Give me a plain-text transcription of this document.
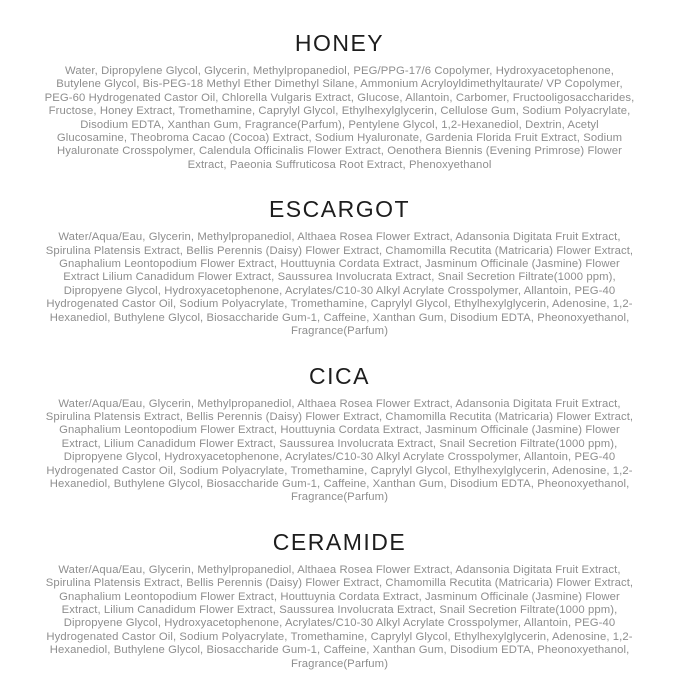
HONEY

Water, Dipropylene Glycol, Glycerin, Methylpropanediol, PEG/PPG-17/6 Copolymer, Hydroxyacetophenone, Butylene Glycol, Bis-PEG-18 Methyl Ether Dimethyl Silane, Ammonium Acryloyldimethyltaurate/ VP Copolymer, PEG-60 Hydrogenated Castor Oil, Chlorella Vulgaris Extract, Glucose, Allantoin, Carbomer, Fructooligosaccharides, Fructose, Honey Extract, Tromethamine, Caprylyl Glycol, Ethylhexylglycerin, Cellulose Gum, Sodium Polyacrylate, Disodium EDTA, Xanthan Gum, Fragrance(Parfum), Pentylene Glycol, 1,2-Hexanediol, Dextrin, Acetyl Glucosamine, Theobroma Cacao (Cocoa) Extract, Sodium Hyaluronate, Gardenia Florida Fruit Extract, Sodium Hyaluronate Crosspolymer, Calendula Officinalis Flower Extract, Oenothera Biennis (Evening Primrose) Flower Extract, Paeonia Suffruticosa Root Extract, Phenoxyethanol

ESCARGOT

Water/Aqua/Eau, Glycerin, Methylpropanediol, Althaea Rosea Flower Extract, Adansonia Digitata Fruit Extract, Spirulina Platensis Extract, Bellis Perennis (Daisy) Flower Extract, Chamomilla Recutita (Matricaria) Flower Extract, Gnaphalium Leontopodium Flower Extract, Houttuynia Cordata Extract, Jasminum Officinale (Jasmine) Flower Extract Lilium Canadidum Flower Extract, Saussurea Involucrata Extract, Snail Secretion Filtrate(1000 ppm), Dipropyene Glycol, Hydroxyacetophenone, Acrylates/C10-30 Alkyl Acrylate Crosspolymer, Allantoin, PEG-40 Hydrogenated Castor Oil, Sodium Polyacrylate, Tromethamine, Caprylyl Glycol, Ethylhexylglycerin, Adenosine, 1,2-Hexanediol, Buthylene Glycol, Biosaccharide Gum-1, Caffeine, Xanthan Gum, Disodium EDTA, Pheonoxyethanol, Fragrance(Parfum)

CICA

Water/Aqua/Eau, Glycerin, Methylpropanediol, Althaea Rosea Flower Extract, Adansonia Digitata Fruit Extract, Spirulina Platensis Extract, Bellis Perennis (Daisy) Flower Extract, Chamomilla Recutita (Matricaria) Flower Extract, Gnaphalium Leontopodium Flower Extract, Houttuynia Cordata Extract, Jasminum Officinale (Jasmine) Flower Extract, Lilium Canadidum Flower Extract, Saussurea Involucrata Extract, Snail Secretion Filtrate(1000 ppm), Dipropyene Glycol, Hydroxyacetophenone, Acrylates/C10-30 Alkyl Acrylate Crosspolymer, Allantoin, PEG-40 Hydrogenated Castor Oil, Sodium Polyacrylate, Tromethamine, Caprylyl Glycol, Ethylhexylglycerin, Adenosine, 1,2-Hexanediol, Buthylene Glycol, Biosaccharide Gum-1, Caffeine, Xanthan Gum, Disodium EDTA, Pheonoxyethanol, Fragrance(Parfum)

CERAMIDE

Water/Aqua/Eau, Glycerin, Methylpropanediol, Althaea Rosea Flower Extract, Adansonia Digitata Fruit Extract, Spirulina Platensis Extract, Bellis Perennis (Daisy) Flower Extract, Chamomilla Recutita (Matricaria) Flower Extract, Gnaphalium Leontopodium Flower Extract, Houttuynia Cordata Extract, Jasminum Officinale (Jasmine) Flower Extract, Lilium Canadidum Flower Extract, Saussurea Involucrata Extract, Snail Secretion Filtrate(1000 ppm), Dipropyene Glycol, Hydroxyacetophenone, Acrylates/C10-30 Alkyl Acrylate Crosspolymer, Allantoin, PEG-40 Hydrogenated Castor Oil, Sodium Polyacrylate, Tromethamine, Caprylyl Glycol, Ethylhexylglycerin, Adenosine, 1,2-Hexanediol, Buthylene Glycol, Biosaccharide Gum-1, Caffeine, Xanthan Gum, Disodium EDTA, Pheonoxyethanol, Fragrance(Parfum)
